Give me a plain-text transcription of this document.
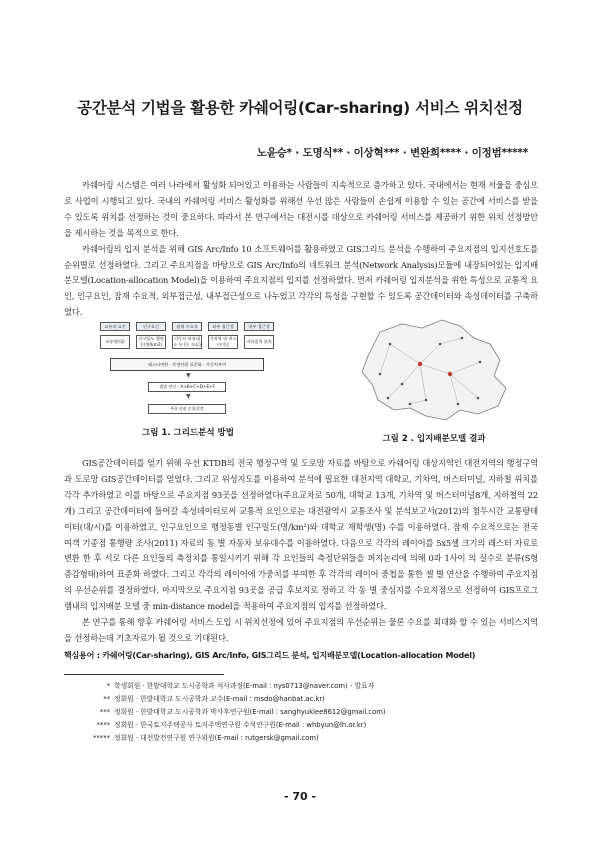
공간분석 기법을 활용한 카쉐어링(Car-sharing) 서비스 위치선정
노윤승* · 도명식** · 이상혁*** · 변완희**** · 이정범*****

카쉐어링 시스템은 여러 나라에서 활성화 되어있고 이용하는 사람들이 지속적으로 증가하고 있다. 국내에서는 현재 서울을 중심으로 사업이 시행되고 있다. 국내의 카쉐어링 서비스 활성화를 위해선 우선 많은 사람들이 손쉽게 이용할 수 있는 공간에 서비스를 받을 수 있도록 위치를 선정하는 것이 중요하다. 따라서 본 연구에서는 대전시를 대상으로 카쉐어링 서비스를 제공하기 위한 위치 선정방안을 제시하는 것을 목적으로 한다.

카쉐어링의 입지 분석을 위해 GIS Arc/Info 10 소프트웨어를 활용하였고 GIS그리드 분석을 수행하여 주요지점의 입지선호도를 순위별로 선정하였다. 그리고 주요지점을 바탕으로 GIS Arc/Info의 네트워크 분석(Network Analysis)모듈에 내장되어있는 입지배분모델(Location-allocation Model)을 이용하여 주요지점의 입지를 선정하였다. 먼저 카쉐어링 입지분석을 위한 특성으로 교통적 요인, 인구요인, 잠재 수요적, 외부접근성, 내부접근성으로 나누었고 각각의 특성을 구현할 수 있도록 공간데이터와 속성데이터를 구축하였다.

교통적 요인	인구요인	잠재 수요적	외부 접근성	내부 접근성
교통량(대)
인구밀도 행정동(명/km2)
자동차 보유대수 등 (동 자료)
기차역 및 버스터미널
지하철역 위치
래스터변환 · 측정단위 표준화 · 가중치부여
▼
셀별 연산 : A+B+C+D+E+F
▼
주요지점 순위결정
그림 1. 그리드분석 방법
그림 2 . 입지배분모델 결과

GIS공간데이터를 얻기 위해 우선 KTDB의 전국 행정구역 및 도로망 자료를 바탕으로 카쉐어링 대상지역인 대전지역의 행정구역과 도로망 GIS공간데이터를 얻었다. 그리고 위성지도를 이용하여 분석에 필요한 대전지역 대학교, 기차역, 버스터미널, 지하철 위치를 각각 추가하였고 이를 바탕으로 주요지점 93곳을 선정하였다(주요교차로 50개, 대학교 13개, 기차역 및 버스터미널8개, 지하철역 22개) 그리고 공간데이터에 들어갈 속성데이터로써 교통적 요인으로는 대전광역시 교통조사 및 분석보고서(2012)의 첨두시간 교통량데이터(대/시)를 이용하였고, 인구요인으로 행정동별 인구밀도(명/km²)와 대학교 재학생(명) 수를 이용하였다. 잠재 수요적으로는 전국 여객 기종점 통행량 조사(2011) 자료의 동 별 자동차 보유대수를 이용하였다. 다음으로 각각의 레이어를 5x5셀 크기의 래스터 자료로 변환 한 후 서로 다른 요인들의 측정치를 통일시키기 위해 각 요인들의 측정단위들을 퍼지논리에 의해 0과 1사이 의 실수로 분류(S형 증감형태)하여 표준화 하였다. 그리고 각각의 레이어에 가중치를 부여한 후 각각의 레이어 중첩을 통한 셀 별 연산을 수행하여 주요지점의 우선순위를 결정하였다. 마지막으로 주요지점 93곳을 공급 후보지로 정하고 각 동 별 중심지를 수요지점으로 선정하여 GIS프로그램내의 입지배분 모델 중 min-distance model을 적용하여 주요지점의 입지를 선정하였다.

본 연구를 통해 향후 카쉐어링 서비스 도입 시 위치선정에 있어 주요지점의 우선순위는 물론 수요를 최대화 할 수 있는 서비스지역을 선정하는데 기초자료가 될 것으로 기대된다.

핵심용어 : 카쉐어링(Car-sharing), GIS Arc/Info, GIS그리드 분석, 입지배분모델(Location-allocation Model)
* 학생회원 · 한밭대학교 도시공학과 석사과정(E-mail : nys0713@naver.com) - 발표자
** 정회원 · 한밭대학교 도시공학과 교수(E-mail : msdo@hanbat.ac.kr)
*** 정회원 · 한밭대학교 도시공학과 박사후연구원(E-mail : sanghyuklee8612@gmail.com)
**** 정회원 · 한국토지주택공사 토지주택연구원 수석연구원(E-mail : whbyun@lh.or.kr)
***** 정회원 · 대전발전연구원 연구위원(E-mail : rutgersk@gmail.com)
- 70 -
